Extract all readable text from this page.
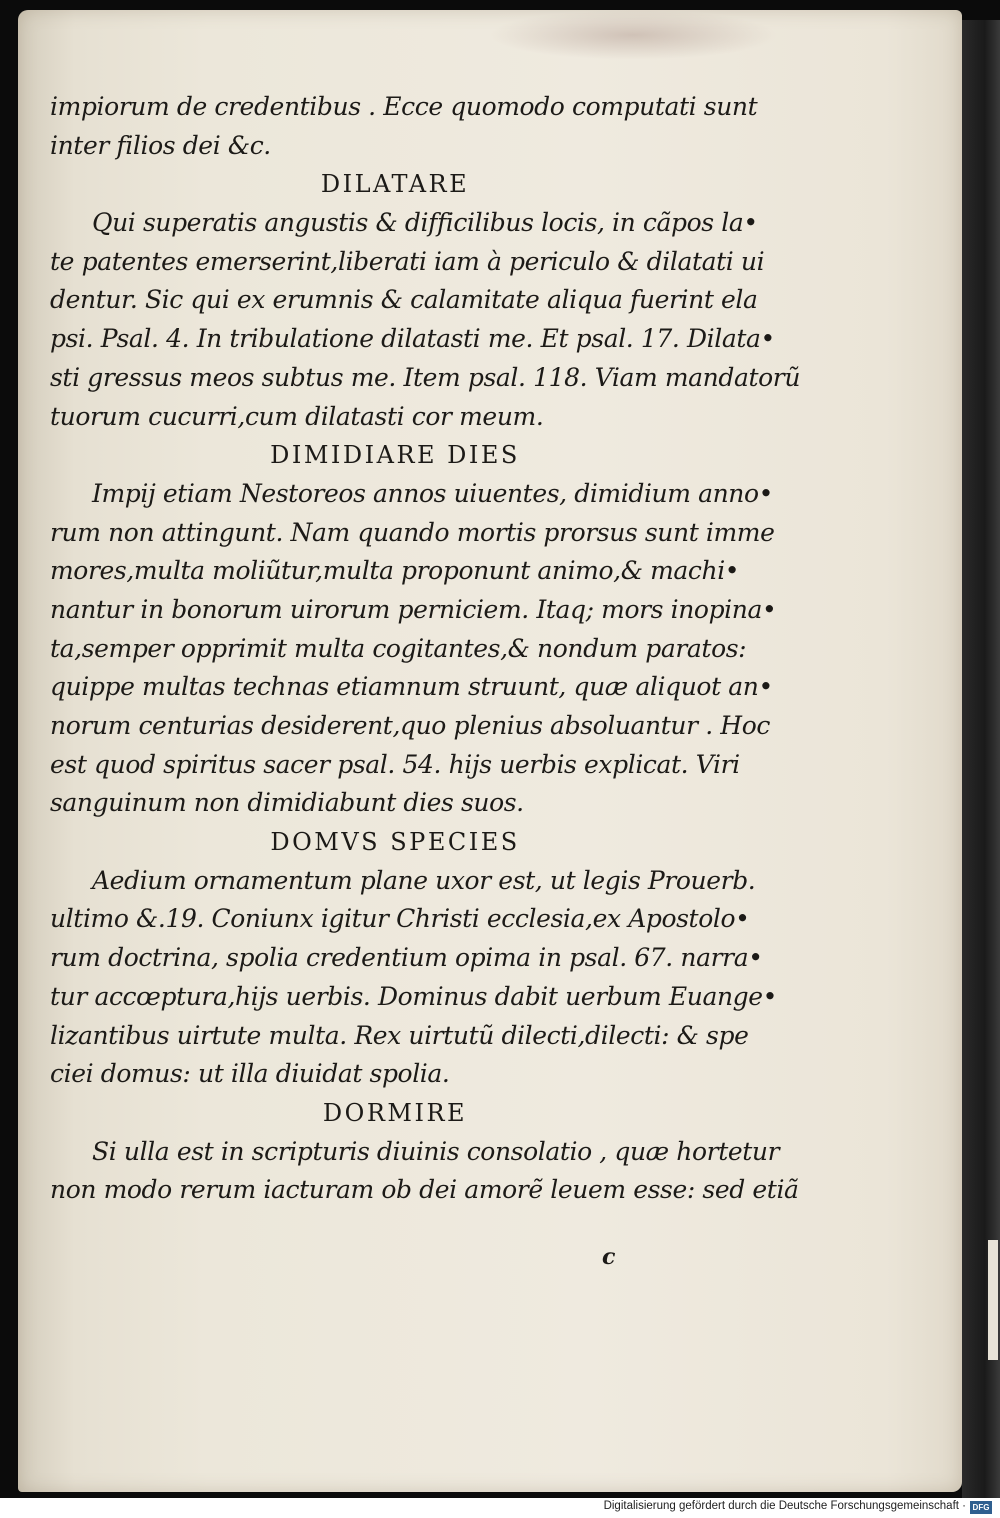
impiorum de credentibus . Ecce quomodo computati sunt
inter filios dei &c.
DILATARE
Qui superatis angustis & difficilibus locis, in cãpos la•
te patentes emerserint,liberati iam à periculo & dilatati ui
dentur. Sic qui ex erumnis & calamitate aliqua fuerint ela
psi. Psal. 4. In tribulatione dilatasti me. Et psal. 17. Dilata•
sti gressus meos subtus me. Item psal. 118. Viam mandatorũ
tuorum cucurri,cum dilatasti cor meum.
DIMIDIARE DIES
Impij etiam Nestoreos annos uiuentes, dimidium anno•
rum non attingunt. Nam quando mortis prorsus sunt imme
mores,multa moliũtur,multa proponunt animo,& machi•
nantur in bonorum uirorum perniciem. Itaq; mors inopina•
ta,semper opprimit multa cogitantes,& nondum paratos:
quippe multas technas etiamnum struunt, quæ aliquot an•
norum centurias desiderent,quo plenius absoluantur . Hoc
est quod spiritus sacer psal. 54. hijs uerbis explicat. Viri
sanguinum non dimidiabunt dies suos.
DOMVS SPECIES
Aedium ornamentum plane uxor est, ut legis Prouerb.
ultimo &.19. Coniunx igitur Christi ecclesia,ex Apostolo•
rum doctrina, spolia credentium opima in psal. 67. narra•
tur accœptura,hijs uerbis. Dominus dabit uerbum Euange•
lizantibus uirtute multa. Rex uirtutũ dilecti,dilecti: & spe
ciei domus: ut illa diuidat spolia.
DORMIRE
Si ulla est in scripturis diuinis consolatio , quæ hortetur
non modo rerum iacturam ob dei amorẽ leuem esse: sed etiã
c
Digitalisierung gefördert durch die Deutsche Forschungsgemeinschaft · DFG
